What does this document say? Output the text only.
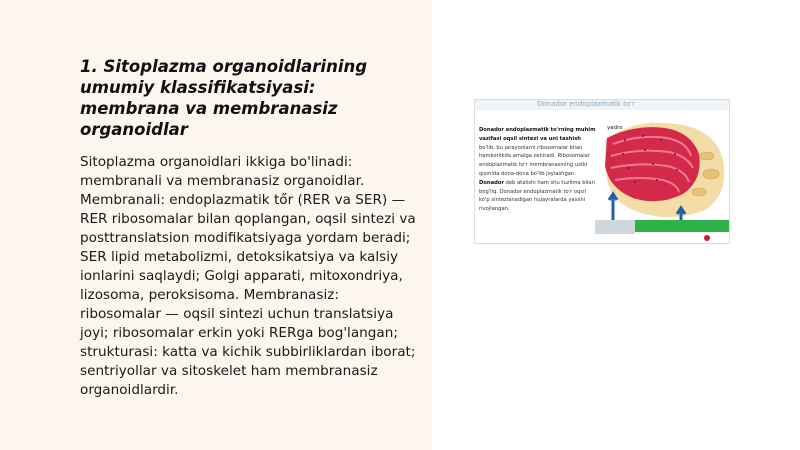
1. Sitoplazma organoidlarining umumiy klassifikatsiyasi: membrana va membranasiz organoidlar

Sitoplazma organoidlari ikkiga bo'linadi: membranali va membranasiz organoidlar. Membranali: endoplazmatik tőr (RER va SER) — RER ribosomalar bilan qoplangan, oqsil sintezi va posttranslatsion modifikatsiyaga yordam beradi; SER lipid metabolizmi, detoksikatsiya va kalsiy ionlarini saqlaydi; Golgi apparati, mitoxondriya, lizosoma, peroksisoma. Membranasiz: ribosomalar — oqsil sintezi uchun translatsiya joyi; ribosomalar erkin yoki RERga bog'langan; strukturasi: katta va kichik subbirliklardan iborat; sentriyollar va sitoskelet ham membranasiz organoidlardir.

Donador endoplazmatik to'r

Donador endoplazmatik to'rning muhim vazifasi oqsil sintezi va uni tashish bo'lib, bu jarayonlarni ribosomalar bilan hamkorlikda amalga oshiradi. Ribosomalar endoplazmatik to'r membranasining ustki qismida dona-dona bo'lib joylashgan. Donador deb atalishi ham shu tuzilma bilan bog'liq. Donador endoplazmatik to'r oqsil ko'p sintezlanadigan hujayralarda yaxshi rivojlangan.

yadro
